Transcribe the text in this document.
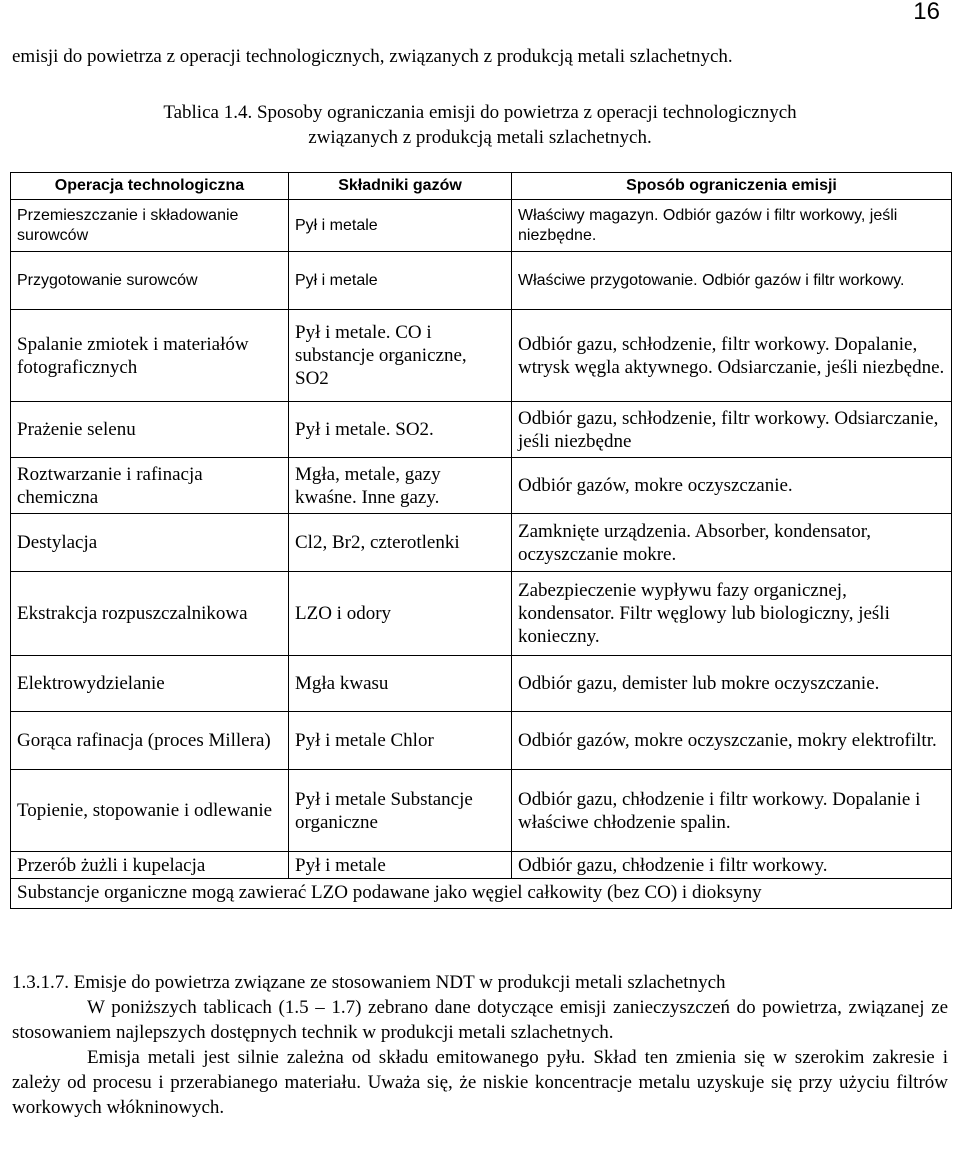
16

emisji do powietrza z operacji technologicznych, związanych z produkcją metali szlachetnych.

Tablica 1.4. Sposoby ograniczania emisji do powietrza z operacji technologicznych
związanych z produkcją metali szlachetnych.
Operacja technologiczna	Składniki gazów	Sposób ograniczenia emisji
Przemieszczanie i składowanie surowców	Pył i metale	Właściwy magazyn. Odbiór gazów i filtr workowy, jeśli niezbędne.
Przygotowanie surowców	Pył i metale	Właściwe przygotowanie. Odbiór gazów i filtr workowy.
Spalanie zmiotek i materiałów fotograficznych	Pył i metale. CO i substancje organiczne, SO2	Odbiór gazu, schłodzenie, filtr workowy. Dopalanie, wtrysk węgla aktywnego. Odsiarczanie, jeśli niezbędne.
Prażenie selenu	Pył i metale. SO2.	Odbiór gazu, schłodzenie, filtr workowy. Odsiarczanie, jeśli niezbędne
Roztwarzanie i rafinacja chemiczna	Mgła, metale, gazy kwaśne. Inne gazy.	Odbiór gazów, mokre oczyszczanie.
Destylacja	Cl2, Br2, czterotlenki	Zamknięte urządzenia. Absorber, kondensator, oczyszczanie mokre.
Ekstrakcja rozpuszczalnikowa	LZO i odory	Zabezpieczenie wypływu fazy organicznej, kondensator. Filtr węglowy lub biologiczny, jeśli konieczny.
Elektrowydzielanie	Mgła kwasu	Odbiór gazu, demister lub mokre oczyszczanie.
Gorąca rafinacja (proces Millera)	Pył i metale Chlor	Odbiór gazów, mokre oczyszczanie, mokry elektrofiltr.
Topienie, stopowanie i odlewanie	Pył i metale Substancje organiczne	Odbiór gazu, chłodzenie i filtr workowy. Dopalanie i właściwe chłodzenie spalin.
Przerób żużli i kupelacja	Pył i metale	Odbiór gazu, chłodzenie i filtr workowy.
Substancje organiczne mogą zawierać LZO podawane jako węgiel całkowity (bez CO) i dioksyny		

1.3.1.7. Emisje do powietrza związane ze stosowaniem NDT w produkcji metali szlachetnych

W poniższych tablicach (1.5 – 1.7) zebrano dane dotyczące emisji zanieczyszczeń do powietrza, związanej ze stosowaniem najlepszych dostępnych technik w produkcji metali szlachetnych.

Emisja metali jest silnie zależna od składu emitowanego pyłu. Skład ten zmienia się w szerokim zakresie i zależy od procesu i przerabianego materiału. Uważa się, że niskie koncentracje metalu uzyskuje się przy użyciu filtrów workowych włókninowych.
